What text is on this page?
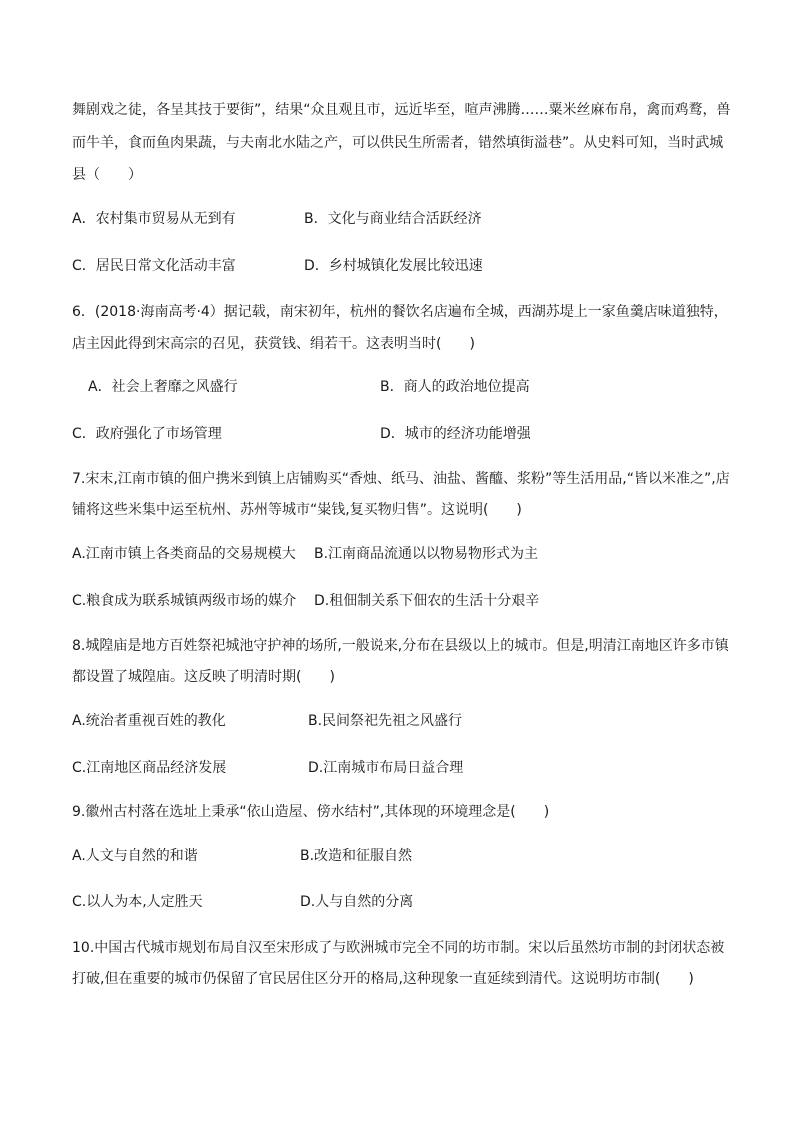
舞剧戏之徒，各呈其技于要街”，结果“众且观且市，远近毕至，喧声沸腾……粟米丝麻布帛，禽而鸡鹜，兽
而牛羊，食而鱼肉果蔬，与夫南北水陆之产，可以供民生所需者，错然填街溢巷”。从史料可知，当时武城
县（　　）
A．农村集市贸易从无到有	B．文化与商业结合活跃经济
C．居民日常文化活动丰富	D．乡村城镇化发展比较迅速
6．(2018·海南高考·4）据记载，南宋初年，杭州的餐饮名店遍布全城，西湖苏堤上一家鱼羹店味道独特，
店主因此得到宋高宗的召见，获赏钱、绢若干。这表明当时(　　)
A．社会上奢靡之风盛行	B．商人的政治地位提高
C．政府强化了市场管理	D．城市的经济功能增强
7.宋末,江南市镇的佃户携米到镇上店铺购买“香烛、纸马、油盐、酱醯、浆粉”等生活用品,“皆以米准之”,店
铺将这些米集中运至杭州、苏州等城市“粜钱,复买物归售”。这说明(　　)
A.江南市镇上各类商品的交易规模大 B.江南商品流通以以物易物形式为主
C.粮食成为联系城镇两级市场的媒介 D.租佃制关系下佃农的生活十分艰辛
8.城隍庙是地方百姓祭祀城池守护神的场所,一般说来,分布在县级以上的城市。但是,明清江南地区许多市镇
都设置了城隍庙。这反映了明清时期(　　)
A.统治者重视百姓的教化	B.民间祭祀先祖之风盛行
C.江南地区商品经济发展	D.江南城市布局日益合理
9.徽州古村落在选址上秉承“依山造屋、傍水结村”,其体现的环境理念是(　　)
A.人文与自然的和谐	B.改造和征服自然
C.以人为本,人定胜天	D.人与自然的分离
10.中国古代城市规划布局自汉至宋形成了与欧洲城市完全不同的坊市制。宋以后虽然坊市制的封闭状态被
打破,但在重要的城市仍保留了官民居住区分开的格局,这种现象一直延续到清代。这说明坊市制(　　)
